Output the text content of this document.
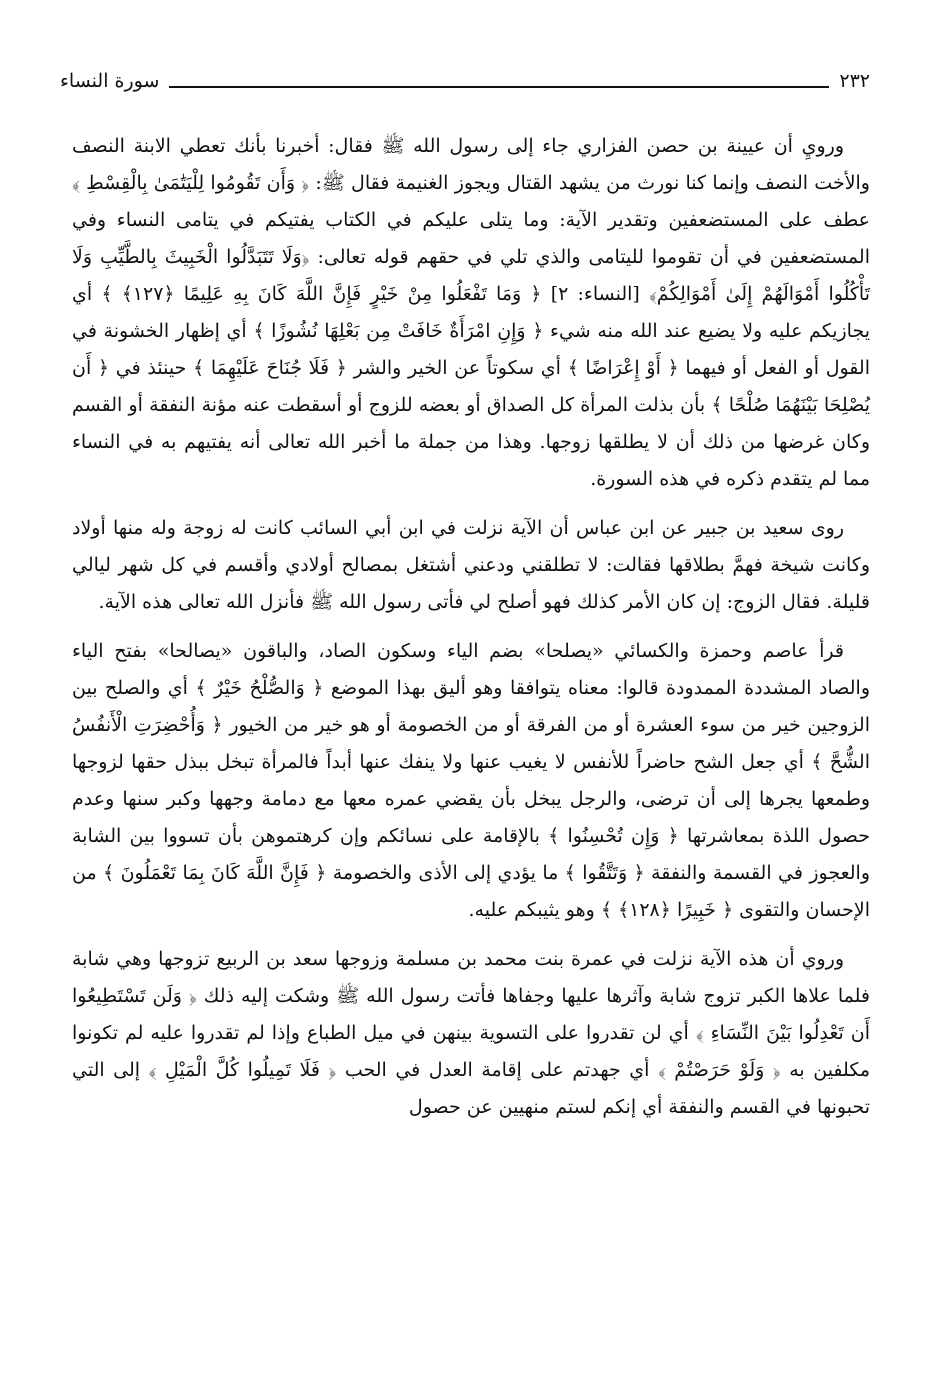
٢٣٢
سورة النساء

ورويِ أن عيينة بن حصن الفزاري جاء إلى رسول الله ﷺ فقال: أخبرنا بأنك تعطي الابنة النصف والأخت النصف وإنما كنا نورث من يشهد القتال ويجوز الغنيمة فقال ﷺ: ﴿ وَأَن تَقُومُوا لِلْيَتَٰمَىٰ بِالْقِسْطِ ﴾ عطف على المستضعفين وتقدير الآية: وما يتلى عليكم في الكتاب يفتيكم في يتامى النساء وفي المستضعفين في أن تقوموا لليتامى والذي تلي في حقهم قوله تعالى: ﴿وَلَا تَتَبَدَّلُوا الْخَبِيثَ بِالطَّيِّبِ وَلَا تَأْكُلُوا أَمْوَالَهُمْ إِلَىٰ أَمْوَالِكُمْ﴾ [النساء: ٢] ﴿ وَمَا تَفْعَلُوا مِنْ خَيْرٍ فَإِنَّ اللَّهَ كَانَ بِهِ عَلِيمًا ﴿١٢٧﴾ ﴾ أي يجازيكم عليه ولا يضيع عند الله منه شيء ﴿ وَإِنِ امْرَأَةٌ خَافَتْ مِن بَعْلِهَا نُشُوزًا ﴾ أي إظهار الخشونة في القول أو الفعل أو فيهما ﴿ أَوْ إِعْرَاضًا ﴾ أي سكوتاً عن الخير والشر ﴿ فَلَا جُنَاحَ عَلَيْهِمَا ﴾ حينئذ في ﴿ أَن يُصْلِحَا بَيْنَهُمَا صُلْحًا ﴾ بأن بذلت المرأة كل الصداق أو بعضه للزوج أو أسقطت عنه مؤنة النفقة أو القسم وكان غرضها من ذلك أن لا يطلقها زوجها. وهذا من جملة ما أخبر الله تعالى أنه يفتيهم به في النساء مما لم يتقدم ذكره في هذه السورة.

روى سعيد بن جبير عن ابن عباس أن الآية نزلت في ابن أبي السائب كانت له زوجة وله منها أولاد وكانت شيخة فهمَّ بطلاقها فقالت: لا تطلقني ودعني أشتغل بمصالح أولادي وأقسم في كل شهر ليالي قليلة. فقال الزوج: إن كان الأمر كذلك فهو أصلح لي فأتى رسول الله ﷺ فأنزل الله تعالى هذه الآية.

قرأ عاصم وحمزة والكسائي «يصلحا» بضم الياء وسكون الصاد، والباقون «يصالحا» بفتح الياء والصاد المشددة الممدودة قالوا: معناه يتوافقا وهو أليق بهذا الموضع ﴿ وَالصُّلْحُ خَيْرٌ ﴾ أي والصلح بين الزوجين خير من سوء العشرة أو من الفرقة أو من الخصومة أو هو خير من الخيور ﴿ وَأُحْضِرَتِ الْأَنفُسُ الشُّحَّ ﴾ أي جعل الشح حاضراً للأنفس لا يغيب عنها ولا ينفك عنها أبداً فالمرأة تبخل ببذل حقها لزوجها وطمعها يجرها إلى أن ترضى، والرجل يبخل بأن يقضي عمره معها مع دمامة وجهها وكبر سنها وعدم حصول اللذة بمعاشرتها ﴿ وَإِن تُحْسِنُوا ﴾ بالإقامة على نسائكم وإن كرهتموهن بأن تسووا بين الشابة والعجوز في القسمة والنفقة ﴿ وَتَتَّقُوا ﴾ ما يؤدي إلى الأذى والخصومة ﴿ فَإِنَّ اللَّهَ كَانَ بِمَا تَعْمَلُونَ ﴾ من الإحسان والتقوى ﴿ خَبِيرًا ﴿١٢٨﴾ ﴾ وهو يثيبكم عليه.

وروي أن هذه الآية نزلت في عمرة بنت محمد بن مسلمة وزوجها سعد بن الربيع تزوجها وهي شابة فلما علاها الكبر تزوج شابة وآثرها عليها وجفاها فأتت رسول الله ﷺ وشكت إليه ذلك ﴿ وَلَن تَسْتَطِيعُوا أَن تَعْدِلُوا بَيْنَ النِّسَاءِ ﴾ أي لن تقدروا على التسوية بينهن في ميل الطباع وإذا لم تقدروا عليه لم تكونوا مكلفين به ﴿ وَلَوْ حَرَصْتُمْ ﴾ أي جهدتم على إقامة العدل في الحب ﴿ فَلَا تَمِيلُوا كُلَّ الْمَيْلِ ﴾ إلى التي تحبونها في القسم والنفقة أي إنكم لستم منهيين عن حصول
